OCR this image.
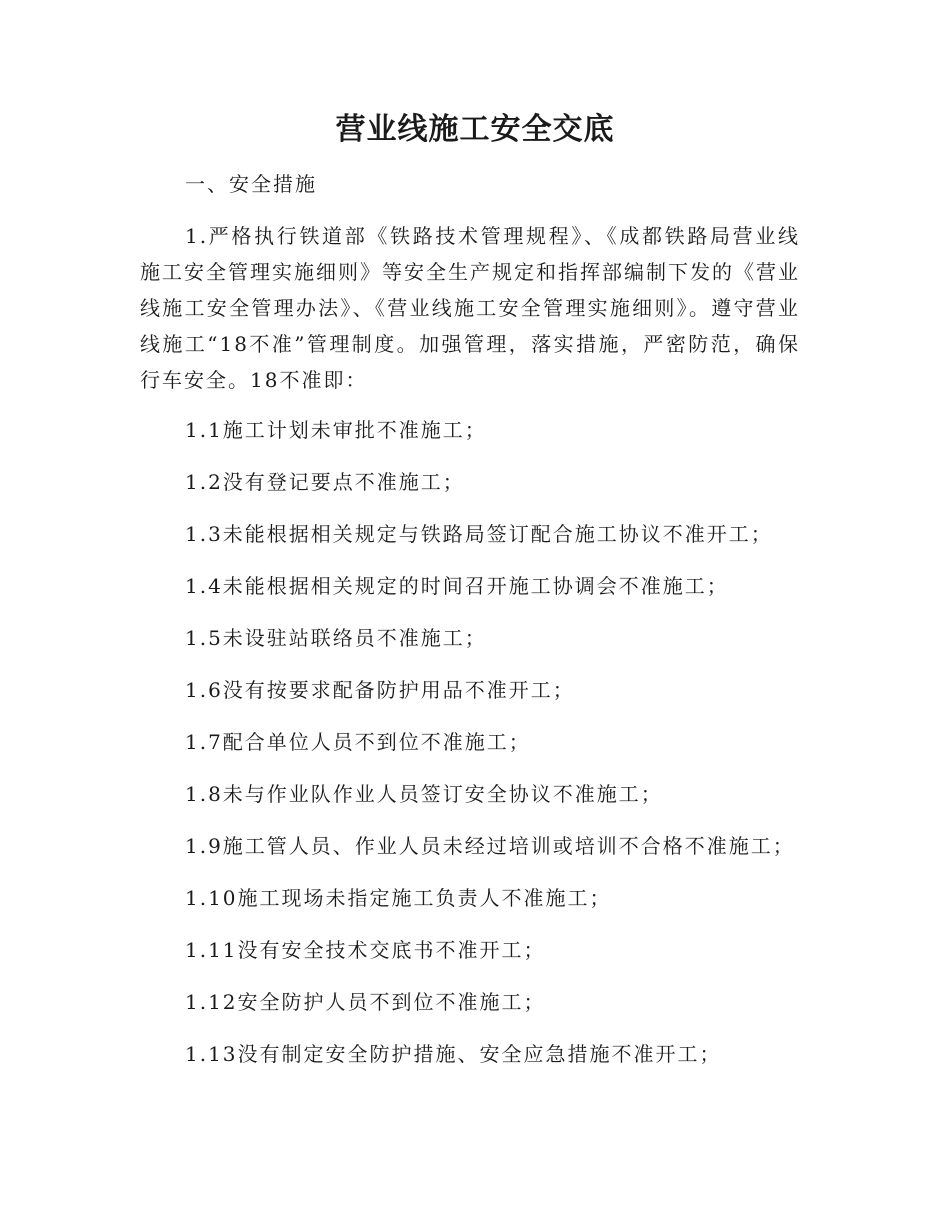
营业线施工安全交底
一、安全措施

1.严格执行铁道部《铁路技术管理规程》、《成都铁路局营业线施工安全管理实施细则》等安全生产规定和指挥部编制下发的《营业线施工安全管理办法》、《营业线施工安全管理实施细则》。遵守营业线施工“18不准”管理制度。加强管理，落实措施，严密防范，确保行车安全。18不准即：

1.1施工计划未审批不准施工；
1.2没有登记要点不准施工；
1.3未能根据相关规定与铁路局签订配合施工协议不准开工；
1.4未能根据相关规定的时间召开施工协调会不准施工；
1.5未设驻站联络员不准施工；
1.6没有按要求配备防护用品不准开工；
1.7配合单位人员不到位不准施工；
1.8未与作业队作业人员签订安全协议不准施工；
1.9施工管人员、作业人员未经过培训或培训不合格不准施工；
1.10施工现场未指定施工负责人不准施工；
1.11没有安全技术交底书不准开工；
1.12安全防护人员不到位不准施工；
1.13没有制定安全防护措施、安全应急措施不准开工；
